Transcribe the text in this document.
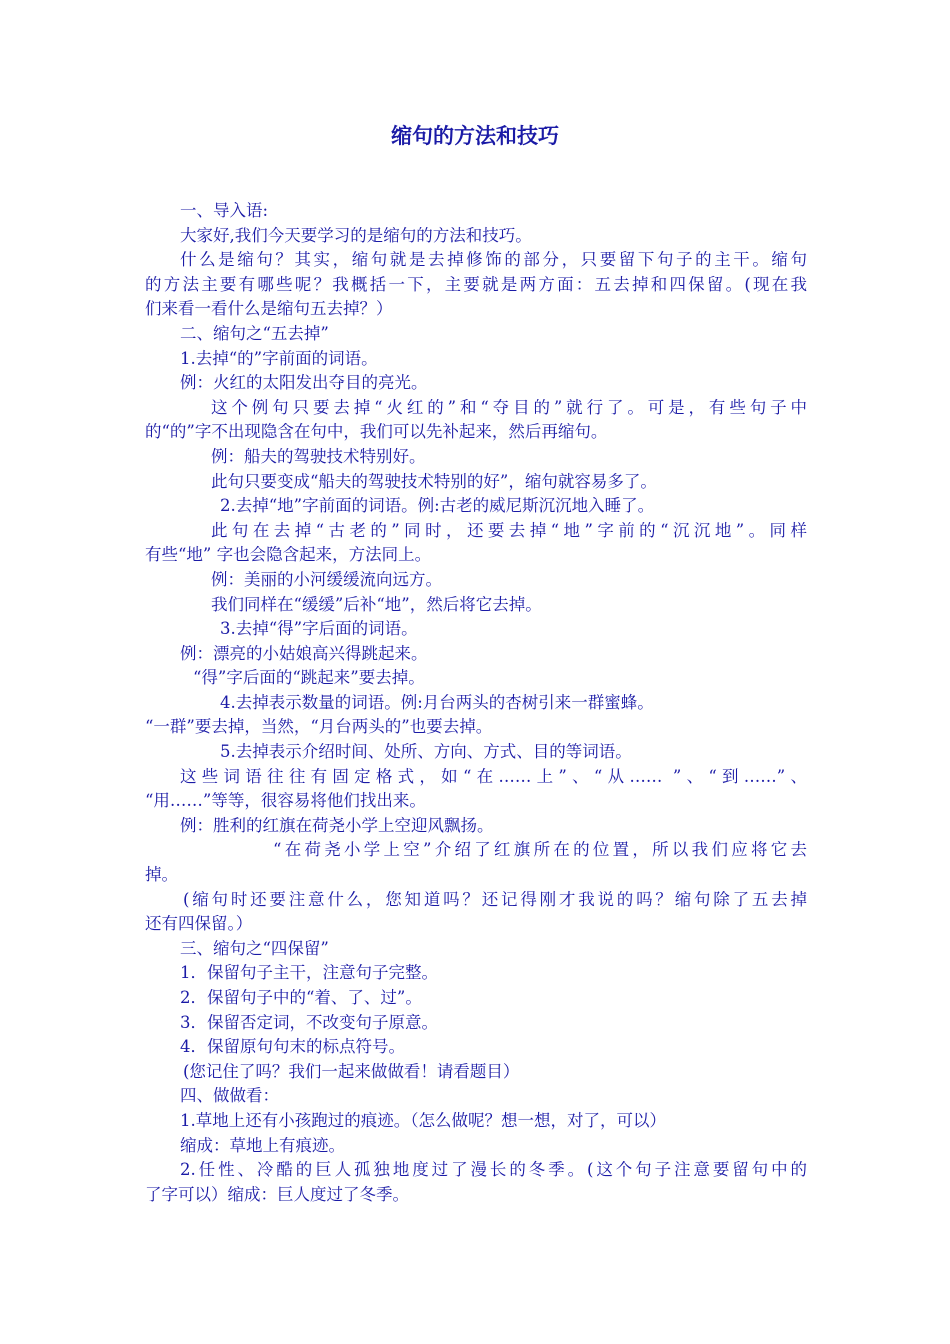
缩句的方法和技巧

一、导入语:

大家好,我们今天要学习的是缩句的方法和技巧。

什么是缩句？其实，缩句就是去掉修饰的部分，只要留下句子的主干。缩句

的方法主要有哪些呢？我概括一下，主要就是两方面：五去掉和四保留。(现在我

们来看一看什么是缩句五去掉？）

二、缩句之“五去掉”

1.去掉“的”字前面的词语。

例：火红的太阳发出夺目的亮光。

这个例句只要去掉“火红的”和“夺目的”就行了。可是，有些句子中

的“的”字不出现隐含在句中，我们可以先补起来，然后再缩句。

例：船夫的驾驶技术特别好。

此句只要变成“船夫的驾驶技术特别的好”，缩句就容易多了。

2.去掉“地”字前面的词语。例:古老的威尼斯沉沉地入睡了。

此句在去掉“古老的”同时，还要去掉“地”字前的“沉沉地”。同样

有些“地” 字也会隐含起来，方法同上。

例：美丽的小河缓缓流向远方。

我们同样在“缓缓”后补“地”，然后将它去掉。

3.去掉“得”字后面的词语。

例：漂亮的小姑娘高兴得跳起来。

“得”字后面的“跳起来”要去掉。

4.去掉表示数量的词语。例:月台两头的杏树引来一群蜜蜂。

“一群”要去掉，当然，“月台两头的”也要去掉。

5.去掉表示介绍时间、处所、方向、方式、目的等词语。

这些词语往往有固定格式，如“在……上”、“从…… ”、“到……”、

“用……”等等，很容易将他们找出来。

例：胜利的红旗在荷尧小学上空迎风飘扬。

“在荷尧小学上空”介绍了红旗所在的位置，所以我们应将它去

掉。

(缩句时还要注意什么，您知道吗？还记得刚才我说的吗？缩句除了五去掉

还有四保留。）

三、缩句之“四保留”

1．保留句子主干，注意句子完整。

2．保留句子中的“着、了、过”。

3．保留否定词，不改变句子原意。

4．保留原句句末的标点符号。

(您记住了吗？我们一起来做做看！请看题目）

四、做做看：

1.草地上还有小孩跑过的痕迹。（怎么做呢？想一想，对了，可以）

缩成：草地上有痕迹。

2.任性、冷酷的巨人孤独地度过了漫长的冬季。(这个句子注意要留句中的

了字可以）缩成：巨人度过了冬季。
